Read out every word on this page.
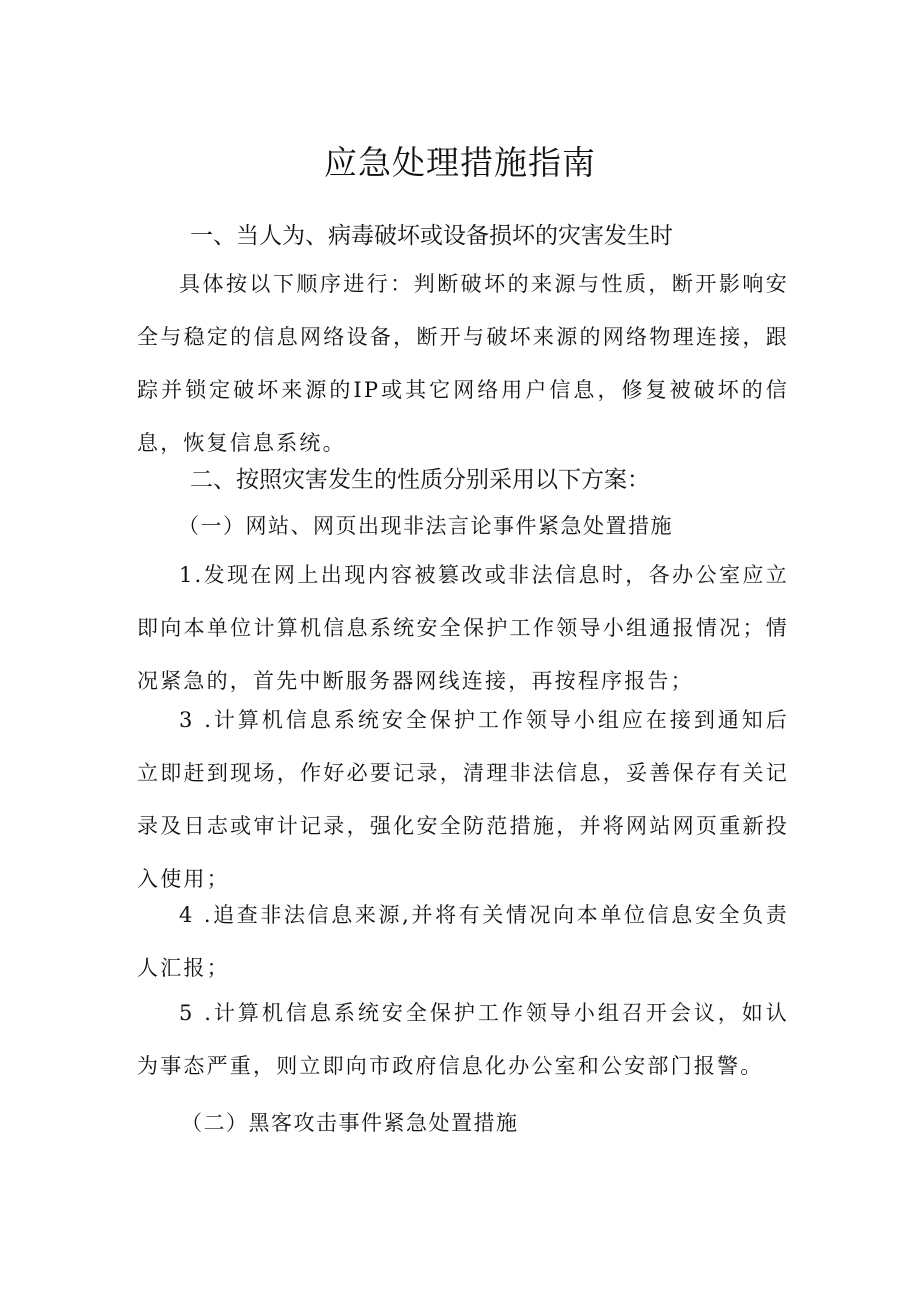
应急处理措施指南
一、当人为、病毒破坏或设备损坏的灾害发生时

具体按以下顺序进行：判断破坏的来源与性质，断开影响安全与稳定的信息网络设备，断开与破坏来源的网络物理连接，跟踪并锁定破坏来源的IP或其它网络用户信息，修复被破坏的信息，恢复信息系统。

二、按照灾害发生的性质分别采用以下方案：
（一）网站、网页出现非法言论事件紧急处置措施

1.发现在网上出现内容被篡改或非法信息时，各办公室应立即向本单位计算机信息系统安全保护工作领导小组通报情况；情况紧急的，首先中断服务器网线连接，再按程序报告；

3 .计算机信息系统安全保护工作领导小组应在接到通知后立即赶到现场，作好必要记录，清理非法信息，妥善保存有关记录及日志或审计记录，强化安全防范措施，并将网站网页重新投入使用；

4 .追查非法信息来源,并将有关情况向本单位信息安全负责人汇报；

5 .计算机信息系统安全保护工作领导小组召开会议，如认为事态严重，则立即向市政府信息化办公室和公安部门报警。

（二）黑客攻击事件紧急处置措施
